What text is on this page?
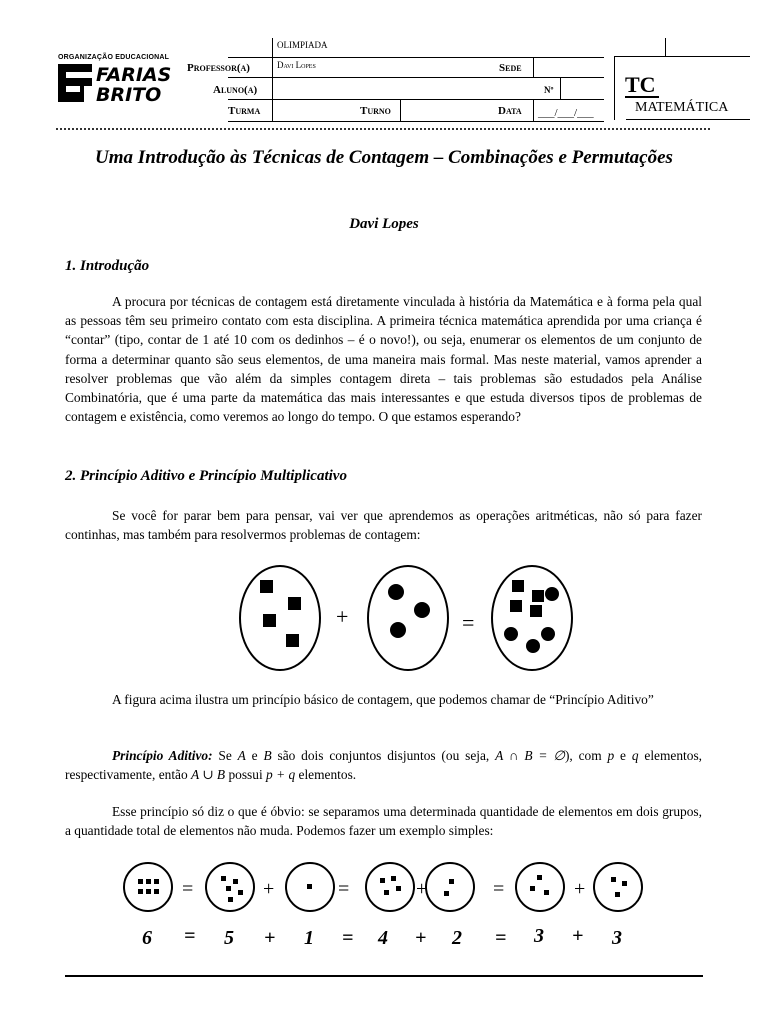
ORGANIZAÇÃO EDUCACIONAL
FARIAS
BRITO
OLIMPIADA
Professor(a)	Davi Lopes	Sede
Aluno(a)	Nº
Turma	Turno	Data ___/___/___
TC
MATEMÁTICA
Uma Introdução às Técnicas de Contagem – Combinações e Permutações
Davi Lopes
1. Introdução
A procura por técnicas de contagem está diretamente vinculada à história da Matemática e à forma pela qual as pessoas têm seu primeiro contato com esta disciplina. A primeira técnica matemática aprendida por uma criança é “contar” (tipo, contar de 1 até 10 com os dedinhos – é o novo!), ou seja, enumerar os elementos de um conjunto de forma a determinar quanto são seus elementos, de uma maneira mais formal. Mas neste material, vamos aprender a resolver problemas que vão além da simples contagem direta – tais problemas são estudados pela Análise Combinatória, que é uma parte da matemática das mais interessantes e que estuda diversos tipos de problemas de contagem e existência, como veremos ao longo do tempo. O que estamos esperando?
2. Princípio Aditivo e Princípio Multiplicativo
Se você for parar bem para pensar, vai ver que aprendemos as operações aritméticas, não só para fazer continhas, mas também para resolvermos problemas de contagem:
+	=
A figura acima ilustra um princípio básico de contagem, que podemos chamar de “Princípio Aditivo”
Princípio Aditivo: Se A e B são dois conjuntos disjuntos (ou seja, A ∩ B = ∅), com p e q elementos, respectivamente, então A ∪ B possui p + q elementos.
Esse princípio só diz o que é óbvio: se separamos uma determinada quantidade de elementos em dois grupos, a quantidade total de elementos não muda. Podemos fazer um exemplo simples:
=	+	=	+	=	+
6 = 5 + 1 = 4 + 2 = 3 + 3
